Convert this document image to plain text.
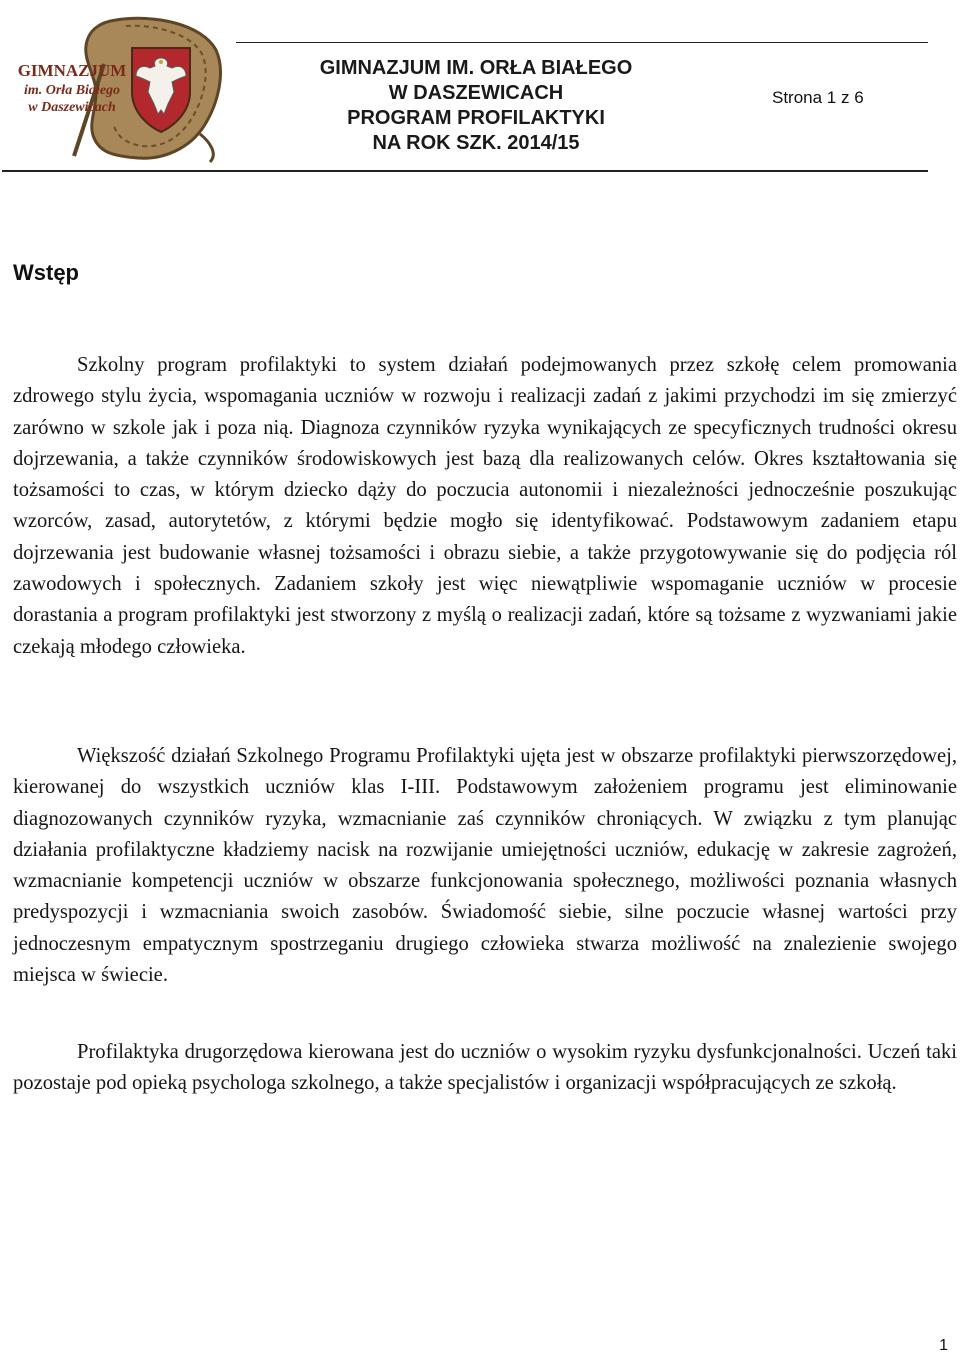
GIMNAZJUM
im. Orła Białego
w Daszewicach
GIMNAZJUM IM. ORŁA BIAŁEGO
W DASZEWICACH
PROGRAM PROFILAKTYKI
NA ROK SZK. 2014/15
Strona 1 z 6
Wstęp

Szkolny program profilaktyki to system działań podejmowanych przez szkołę celem promowania zdrowego stylu życia, wspomagania uczniów w rozwoju i realizacji zadań z jakimi przychodzi im się zmierzyć zarówno w szkole jak i poza nią. Diagnoza czynników ryzyka wynikających ze specyficznych trudności okresu dojrzewania, a także czynników środowiskowych jest bazą dla realizowanych celów. Okres kształtowania się tożsamości to czas, w którym dziecko dąży do poczucia autonomii i niezależności jednocześnie poszukując wzorców, zasad, autorytetów, z którymi będzie mogło się identyfikować. Podstawowym zadaniem etapu dojrzewania jest budowanie własnej tożsamości i obrazu siebie, a także przygotowywanie się do podjęcia ról zawodowych i społecznych. Zadaniem szkoły jest więc niewątpliwie wspomaganie uczniów w procesie dorastania a program profilaktyki jest stworzony z myślą o realizacji zadań, które są tożsame z wyzwaniami jakie czekają młodego człowieka.

Większość działań Szkolnego Programu Profilaktyki ujęta jest w obszarze profilaktyki pierwszorzędowej, kierowanej do wszystkich uczniów klas I-III. Podstawowym założeniem programu jest eliminowanie diagnozowanych czynników ryzyka, wzmacnianie zaś czynników chroniących. W związku z tym planując działania profilaktyczne kładziemy nacisk na rozwijanie umiejętności uczniów, edukację w zakresie zagrożeń, wzmacnianie kompetencji uczniów w obszarze funkcjonowania społecznego, możliwości poznania własnych predyspozycji i wzmacniania swoich zasobów. Świadomość siebie, silne poczucie własnej wartości przy jednoczesnym empatycznym spostrzeganiu drugiego człowieka stwarza możliwość na znalezienie swojego miejsca w świecie.

Profilaktyka drugorzędowa kierowana jest do uczniów o wysokim ryzyku dysfunkcjonalności. Uczeń taki pozostaje pod opieką psychologa szkolnego, a także specjalistów i organizacji współpracujących ze szkołą.

1
